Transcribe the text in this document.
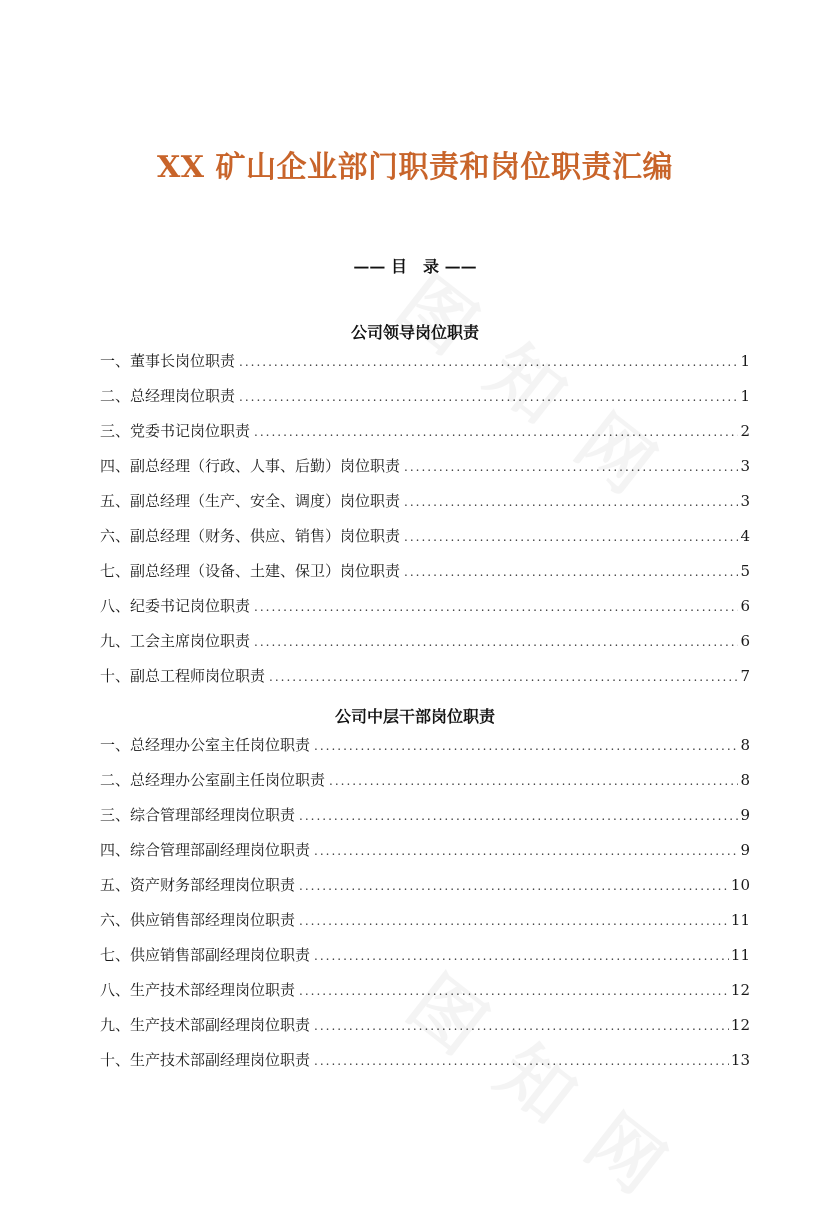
XX 矿山企业部门职责和岗位职责汇编
—— 目　录 ——
公司领导岗位职责
一、董事长岗位职责 .....	1
二、总经理岗位职责 .....	1
三、党委书记岗位职责 .....	2
四、副总经理（行政、人事、后勤）岗位职责 .....	3
五、副总经理（生产、安全、调度）岗位职责 .....	3
六、副总经理（财务、供应、销售）岗位职责 .....	4
七、副总经理（设备、土建、保卫）岗位职责 .....	5
八、纪委书记岗位职责 .....	6
九、工会主席岗位职责 .....	6
十、副总工程师岗位职责 .....	7
公司中层干部岗位职责
一、总经理办公室主任岗位职责 .....	8
二、总经理办公室副主任岗位职责 .....	8
三、综合管理部经理岗位职责 .....	9
四、综合管理部副经理岗位职责 .....	9
五、资产财务部经理岗位职责 .....	10
六、供应销售部经理岗位职责 .....	11
七、供应销售部副经理岗位职责 .....	11
八、生产技术部经理岗位职责 .....	12
九、生产技术部副经理岗位职责 .....	12
十、生产技术部副经理岗位职责 .....	13
